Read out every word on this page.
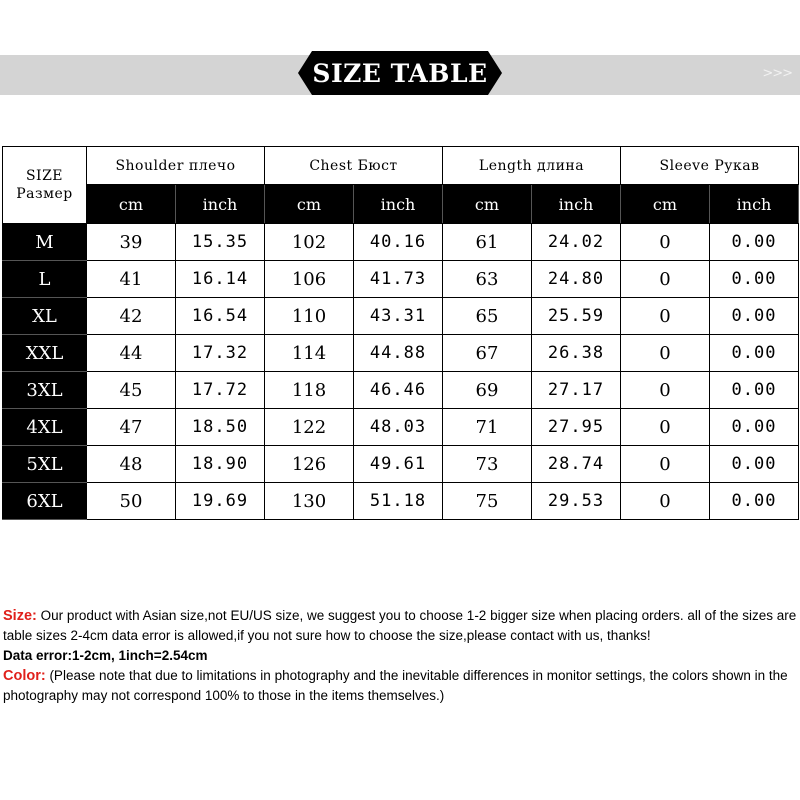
>>>
SIZE TABLE
SIZE
Размер	Shoulder плечо		Chest Бюст		Length длина		Sleeve Рукав	
	cm	inch	cm	inch	cm	inch	cm	inch
M	39	15.35	102	40.16	61	24.02	0	0.00
L	41	16.14	106	41.73	63	24.80	0	0.00
XL	42	16.54	110	43.31	65	25.59	0	0.00
XXL	44	17.32	114	44.88	67	26.38	0	0.00
3XL	45	17.72	118	46.46	69	27.17	0	0.00
4XL	47	18.50	122	48.03	71	27.95	0	0.00
5XL	48	18.90	126	49.61	73	28.74	0	0.00
6XL	50	19.69	130	51.18	75	29.53	0	0.00

Size: Our product with Asian size,not EU/US size, we suggest you to choose 1-2 bigger size when placing orders. all of the sizes are table sizes 2-4cm data error is allowed,if you not sure how to choose the size,please contact with us, thanks!

Data error:1-2cm, 1inch=2.54cm

Color: (Please note that due to limitations in photography and the inevitable differences in monitor settings, the colors shown in the photography may not correspond 100% to those in the items themselves.)
